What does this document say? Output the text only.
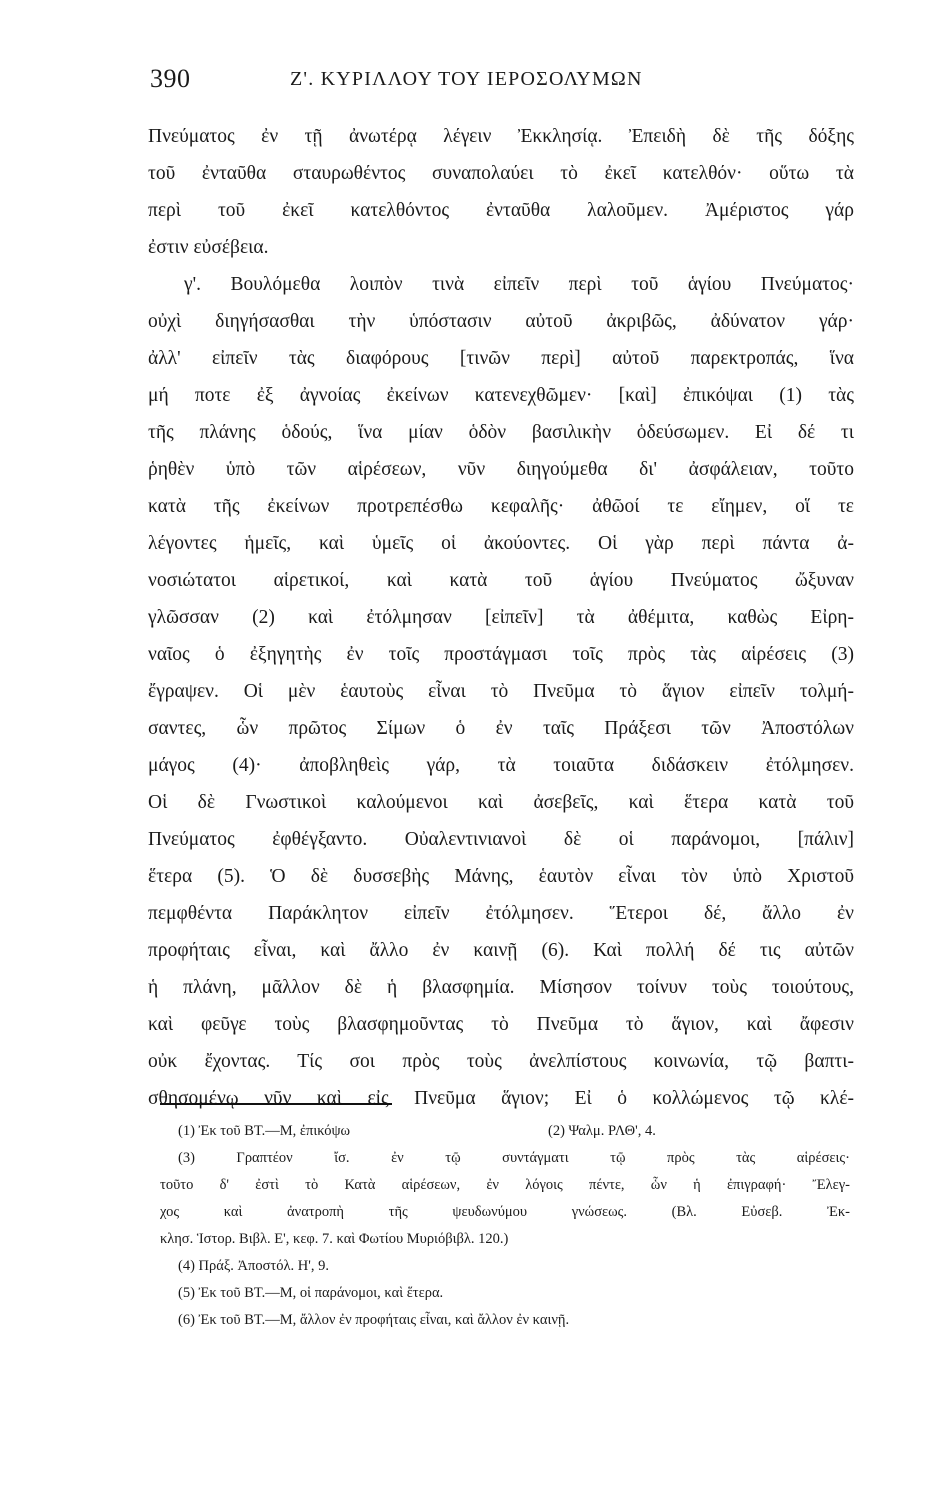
390	Ζ'. ΚΥΡΙΛΛΟΥ ΤΟΥ ΙΕΡΟΣΟΛΥΜΩΝ
Πνεύματος ἐν τῇ ἀνωτέρᾳ λέγειν Ἐκκλησίᾳ. Ἐπειδὴ δὲ τῆς δόξης
τοῦ ἐνταῦθα σταυρωθέντος συναπολαύει τὸ ἐκεῖ κατελθόν· οὕτω τὰ
περὶ τοῦ ἐκεῖ κατελθόντος ἐνταῦθα λαλοῦμεν. Ἀμέριστος γάρ
ἐστιν εὐσέβεια.
γ'. Βουλόμεθα λοιπὸν τινὰ εἰπεῖν περὶ τοῦ ἁγίου Πνεύματος·
οὐχὶ διηγήσασθαι τὴν ὑπόστασιν αὐτοῦ ἀκριβῶς, ἀδύνατον γάρ·
ἀλλ' εἰπεῖν τὰς διαφόρους [τινῶν περὶ] αὐτοῦ παρεκτροπάς, ἵνα
μή ποτε ἐξ ἀγνοίας ἐκείνων κατενεχθῶμεν· [καὶ] ἐπικόψαι (1) τὰς
τῆς πλάνης ὁδούς, ἵνα μίαν ὁδὸν βασιλικὴν ὁδεύσωμεν. Εἰ δέ τι
ῥηθὲν ὑπὸ τῶν αἱρέσεων, νῦν διηγούμεθα δι' ἀσφάλειαν, τοῦτο
κατὰ τῆς ἐκείνων προτρεπέσθω κεφαλῆς· ἀθῶοί τε εἴημεν, οἵ τε
λέγοντες ἡμεῖς, καὶ ὑμεῖς οἱ ἀκούοντες. Οἱ γὰρ περὶ πάντα ἀ-
νοσιώτατοι αἱρετικοί, καὶ κατὰ τοῦ ἁγίου Πνεύματος ὤξυναν
γλῶσσαν (2) καὶ ἐτόλμησαν [εἰπεῖν] τὰ ἀθέμιτα, καθὼς Εἰρη-
ναῖος ὁ ἐξηγητὴς ἐν τοῖς προστάγμασι τοῖς πρὸς τὰς αἱρέσεις (3)
ἔγραψεν. Οἱ μὲν ἑαυτοὺς εἶναι τὸ Πνεῦμα τὸ ἅγιον εἰπεῖν τολμή-
σαντες, ὧν πρῶτος Σίμων ὁ ἐν ταῖς Πράξεσι τῶν Ἀποστόλων
μάγος (4)· ἀποβληθεὶς γάρ, τὰ τοιαῦτα διδάσκειν ἐτόλμησεν.
Οἱ δὲ Γνωστικοὶ καλούμενοι καὶ ἀσεβεῖς, καὶ ἕτερα κατὰ τοῦ
Πνεύματος ἐφθέγξαντο. Οὐαλεντινιανοὶ δὲ οἱ παράνομοι, [πάλιν]
ἕτερα (5). Ὁ δὲ δυσσεβὴς Μάνης, ἑαυτὸν εἶναι τὸν ὑπὸ Χριστοῦ
πεμφθέντα Παράκλητον εἰπεῖν ἐτόλμησεν. Ἕτεροι δέ, ἄλλο ἐν
προφήταις εἶναι, καὶ ἄλλο ἐν καινῇ (6). Καὶ πολλή δέ τις αὐτῶν
ἡ πλάνη, μᾶλλον δὲ ἡ βλασφημία. Μίσησον τοίνυν τοὺς τοιούτους,
καὶ φεῦγε τοὺς βλασφημοῦντας τὸ Πνεῦμα τὸ ἅγιον, καὶ ἄφεσιν
οὐκ ἔχοντας. Τίς σοι πρὸς τοὺς ἀνελπίστους κοινωνία, τῷ βαπτι-
σθησομένῳ νῦν καὶ εἰς Πνεῦμα ἅγιον; Εἰ ὁ κολλώμενος τῷ κλέ-
(1) Ἐκ τοῦ ΒΤ.—Μ, ἐπικόψω	(2) Ψαλμ. ΡΛΘ', 4.
(3) Γραπτέον ἴσ. ἐν τῷ συντάγματι τῷ πρὸς τὰς αἱρέσεις·
τοῦτο δ' ἐστὶ τὸ Κατὰ αἱρέσεων, ἐν λόγοις πέντε, ὧν ἡ ἐπιγραφή· Ἔλεγ-
χος καὶ ἀνατροπὴ τῆς ψευδωνύμου γνώσεως. (Βλ. Εὐσεβ. Ἐκ-
κλησ. Ἱστορ. Βιβλ. Ε', κεφ. 7. καὶ Φωτίου Μυριόβιβλ. 120.)
(4) Πράξ. Ἀποστόλ. Η', 9.
(5) Ἐκ τοῦ ΒΤ.—Μ, οἱ παράνομοι, καὶ ἕτερα.
(6) Ἐκ τοῦ ΒΤ.—Μ, ἄλλον ἐν προφήταις εἶναι, καὶ ἄλλον ἐν καινῇ.
